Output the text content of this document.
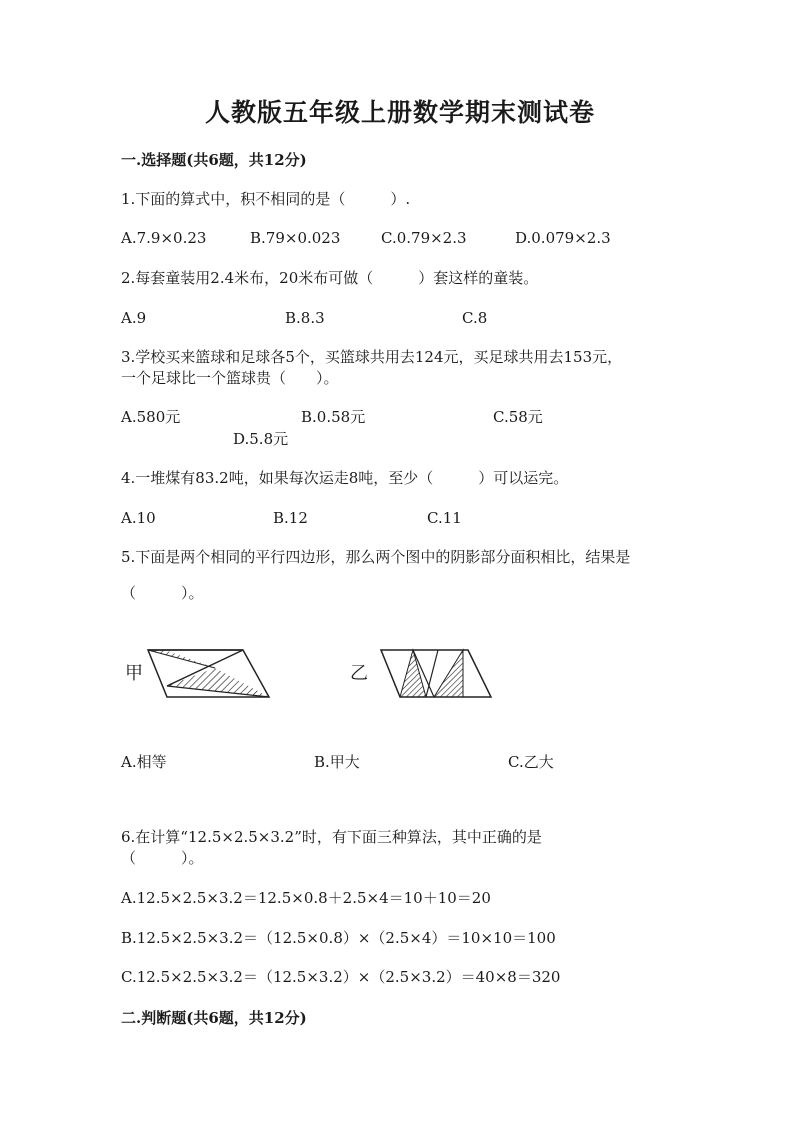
人教版五年级上册数学期末测试卷
一.选择题(共6题，共12分)
1.下面的算式中，积不相同的是（　　　）.
A.7.9×0.23	B.79×0.023	C.0.79×2.3	D.0.079×2.3
2.每套童装用2.4米布，20米布可做（　　　）套这样的童装。
A.9	B.8.3	C.8
3.学校买来篮球和足球各5个，买篮球共用去124元，买足球共用去153元，
一个足球比一个篮球贵（　　）。
A.580元	B.0.58元	C.58元
D.5.8元
4.一堆煤有83.2吨，如果每次运走8吨，至少（　　　）可以运完。
A.10	B.12	C.11
5.下面是两个相同的平行四边形，那么两个图中的阴影部分面积相比，结果是
（　　　）。
甲	乙
A.相等	B.甲大	C.乙大
6.在计算“12.5×2.5×3.2”时，有下面三种算法，其中正确的是
（　　　）。
A.12.5×2.5×3.2＝12.5×0.8＋2.5×4＝10＋10＝20
B.12.5×2.5×3.2＝（12.5×0.8）×（2.5×4）＝10×10＝100
C.12.5×2.5×3.2＝（12.5×3.2）×（2.5×3.2）＝40×8＝320
二.判断题(共6题，共12分)
